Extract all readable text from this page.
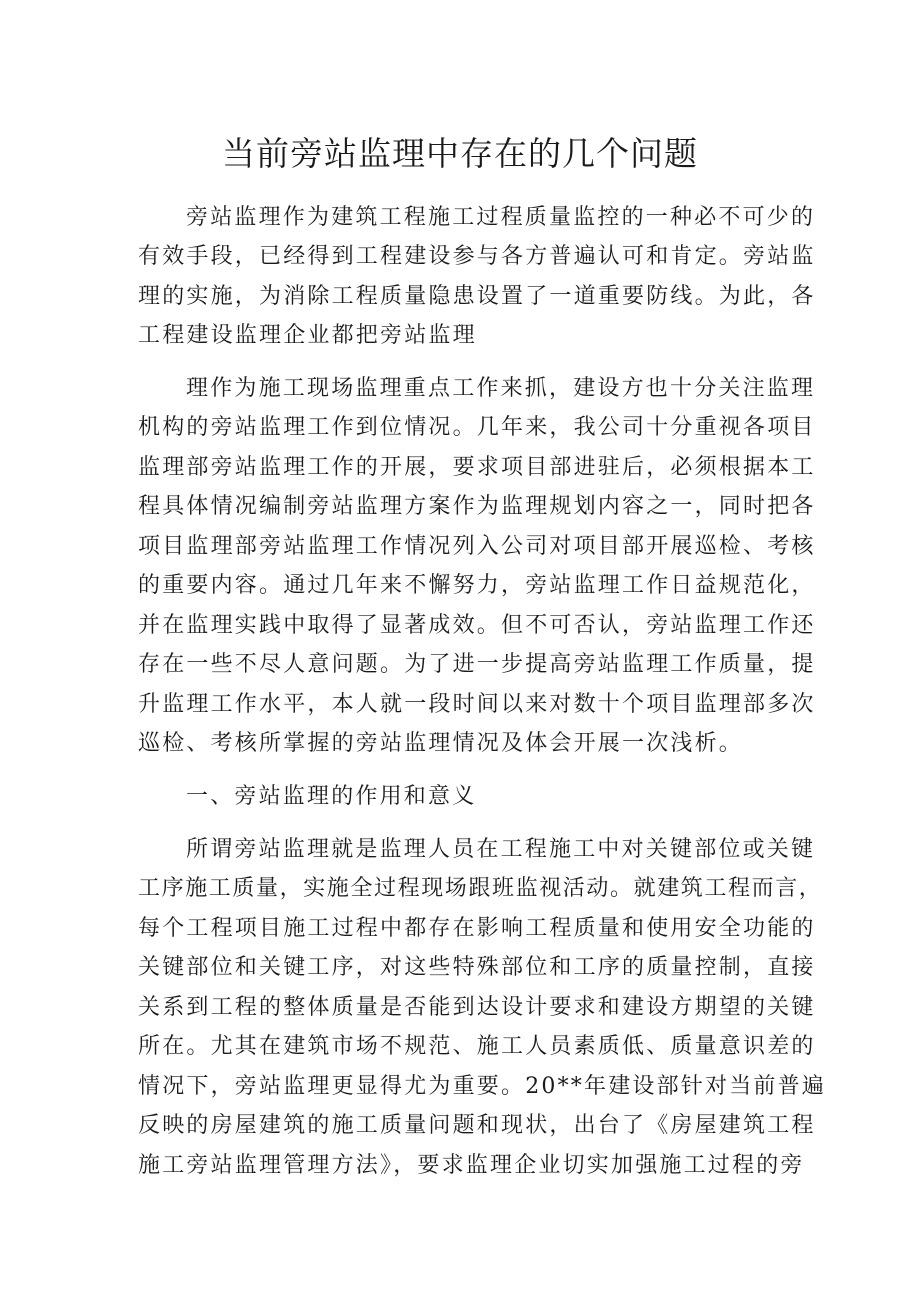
当前旁站监理中存在的几个问题

旁站监理作为建筑工程施工过程质量监控的一种必不可少的

有效手段，已经得到工程建设参与各方普遍认可和肯定。旁站监

理的实施，为消除工程质量隐患设置了一道重要防线。为此，各

工程建设监理企业都把旁站监理

理作为施工现场监理重点工作来抓，建设方也十分关注监理

机构的旁站监理工作到位情况。几年来，我公司十分重视各项目

监理部旁站监理工作的开展，要求项目部进驻后，必须根据本工

程具体情况编制旁站监理方案作为监理规划内容之一，同时把各

项目监理部旁站监理工作情况列入公司对项目部开展巡检、考核

的重要内容。通过几年来不懈努力，旁站监理工作日益规范化，

并在监理实践中取得了显著成效。但不可否认，旁站监理工作还

存在一些不尽人意问题。为了进一步提高旁站监理工作质量，提

升监理工作水平，本人就一段时间以来对数十个项目监理部多次

巡检、考核所掌握的旁站监理情况及体会开展一次浅析。

一、旁站监理的作用和意义

所谓旁站监理就是监理人员在工程施工中对关键部位或关键

工序施工质量，实施全过程现场跟班监视活动。就建筑工程而言，

每个工程项目施工过程中都存在影响工程质量和使用安全功能的

关键部位和关键工序，对这些特殊部位和工序的质量控制，直接

关系到工程的整体质量是否能到达设计要求和建设方期望的关键

所在。尤其在建筑市场不规范、施工人员素质低、质量意识差的

情况下，旁站监理更显得尤为重要。20**年建设部针对当前普遍

反映的房屋建筑的施工质量问题和现状，出台了《房屋建筑工程

施工旁站监理管理方法》，要求监理企业切实加强施工过程的旁
